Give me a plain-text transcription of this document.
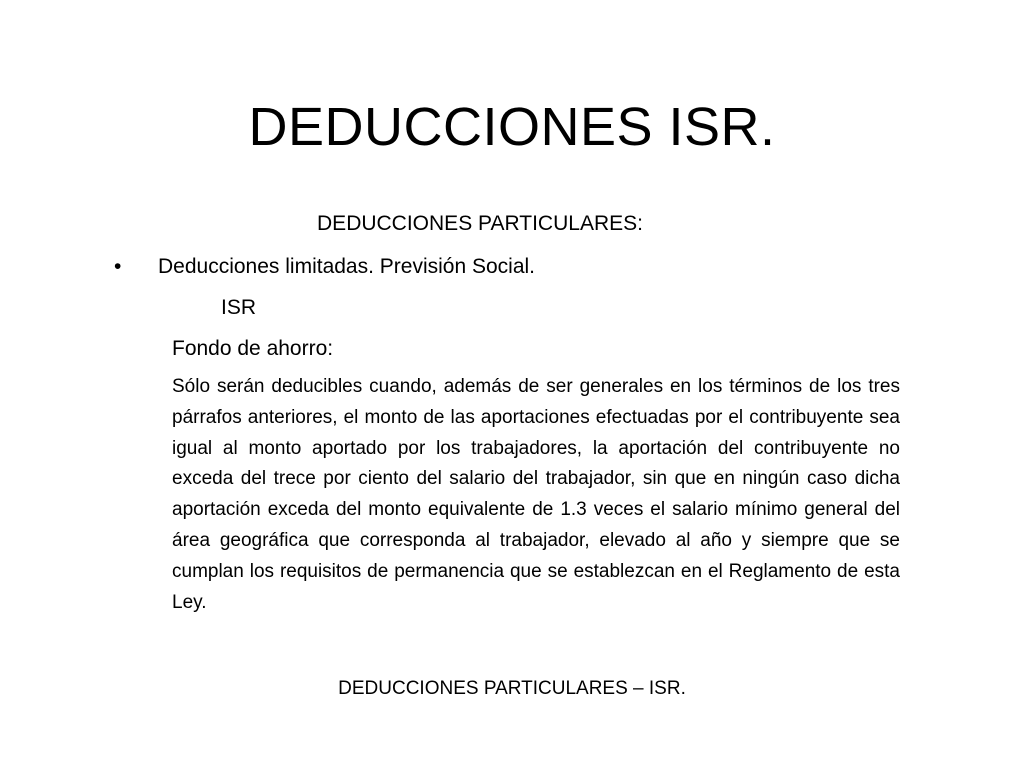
DEDUCCIONES ISR.
DEDUCCIONES PARTICULARES:
• Deducciones limitadas. Previsión Social.
ISR
Fondo de ahorro:
Sólo serán deducibles cuando, además de ser generales en los términos de los tres párrafos anteriores, el monto de las aportaciones efectuadas por el contribuyente sea igual al monto aportado por los trabajadores, la aportación del contribuyente no exceda del trece por ciento del salario del trabajador, sin que en ningún caso dicha aportación exceda del monto equivalente de 1.3 veces el salario mínimo general del área geográfica que corresponda al trabajador, elevado al año y siempre que se cumplan los requisitos de permanencia que se establezcan en el Reglamento de esta Ley.
DEDUCCIONES PARTICULARES – ISR.
